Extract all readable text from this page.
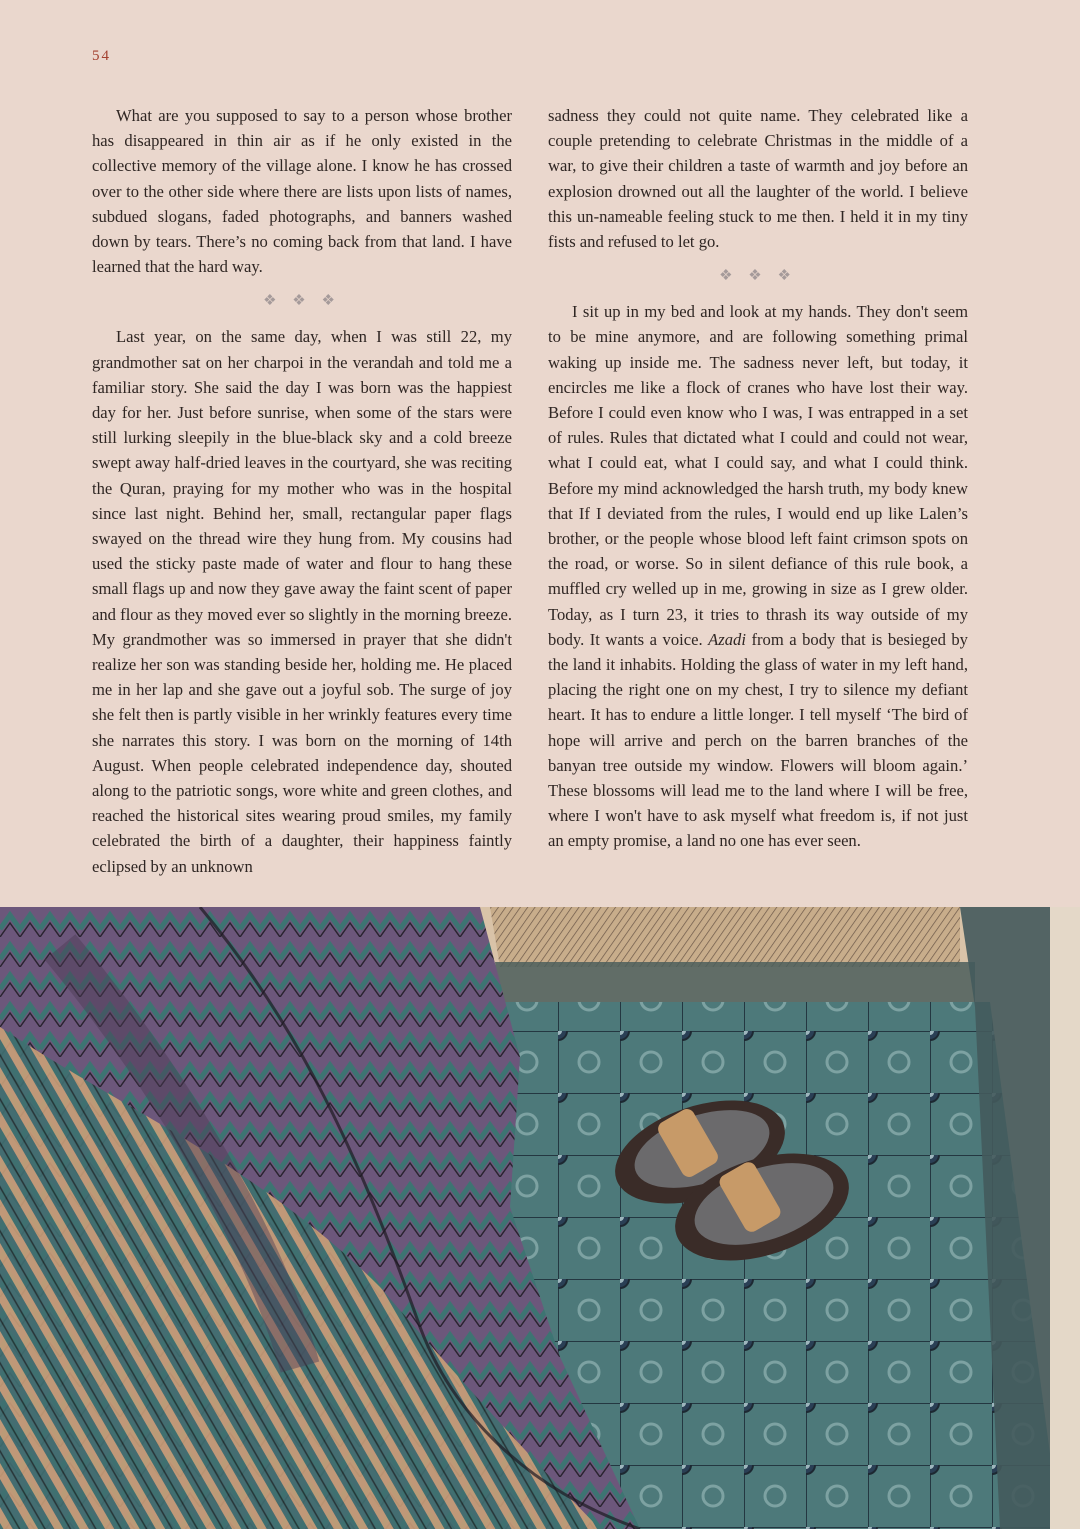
54

What are you supposed to say to a person whose brother has disappeared in thin air as if he only existed in the collective memory of the village alone. I know he has crossed over to the other side where there are lists upon lists of names, subdued slogans, faded photographs, and banners washed down by tears. There’s no coming back from that land. I have learned that the hard way.

❖ ❖ ❖

Last year, on the same day, when I was still 22, my grandmother sat on her charpoi in the verandah and told me a familiar story. She said the day I was born was the happiest day for her. Just before sunrise, when some of the stars were still lurking sleepily in the blue-black sky and a cold breeze swept away half-dried leaves in the courtyard, she was reciting the Quran, praying for my mother who was in the hospital since last night. Behind her, small, rectangular paper flags swayed on the thread wire they hung from. My cousins had used the sticky paste made of water and flour to hang these small flags up and now they gave away the faint scent of paper and flour as they moved ever so slightly in the morning breeze. My grandmother was so immersed in prayer that she didn't realize her son was standing beside her, holding me. He placed me in her lap and she gave out a joyful sob. The surge of joy she felt then is partly visible in her wrinkly features every time she narrates this story. I was born on the morning of 14th August. When people celebrated independence day, shouted along to the patriotic songs, wore white and green clothes, and reached the historical sites wearing proud smiles, my family celebrated the birth of a daughter, their happiness faintly eclipsed by an unknown

sadness they could not quite name. They celebrated like a couple pretending to celebrate Christmas in the middle of a war, to give their children a taste of warmth and joy before an explosion drowned out all the laughter of the world. I believe this un-nameable feeling stuck to me then. I held it in my tiny fists and refused to let go.

❖ ❖ ❖

I sit up in my bed and look at my hands. They don't seem to be mine anymore, and are following something primal waking up inside me. The sadness never left, but today, it encircles me like a flock of cranes who have lost their way. Before I could even know who I was, I was entrapped in a set of rules. Rules that dictated what I could and could not wear, what I could eat, what I could say, and what I could think. Before my mind acknowledged the harsh truth, my body knew that If I deviated from the rules, I would end up like Lalen’s brother, or the people whose blood left faint crimson spots on the road, or worse. So in silent defiance of this rule book, a muffled cry welled up in me, growing in size as I grew older. Today, as I turn 23, it tries to thrash its way outside of my body. It wants a voice. Azadi from a body that is besieged by the land it inhabits. Holding the glass of water in my left hand, placing the right one on my chest, I try to silence my defiant heart. It has to endure a little longer. I tell myself ‘The bird of hope will arrive and perch on the barren branches of the banyan tree outside my window. Flowers will bloom again.’ These blossoms will lead me to the land where I will be free, where I won't have to ask myself what freedom is, if not just an empty promise, a land no one has ever seen.
